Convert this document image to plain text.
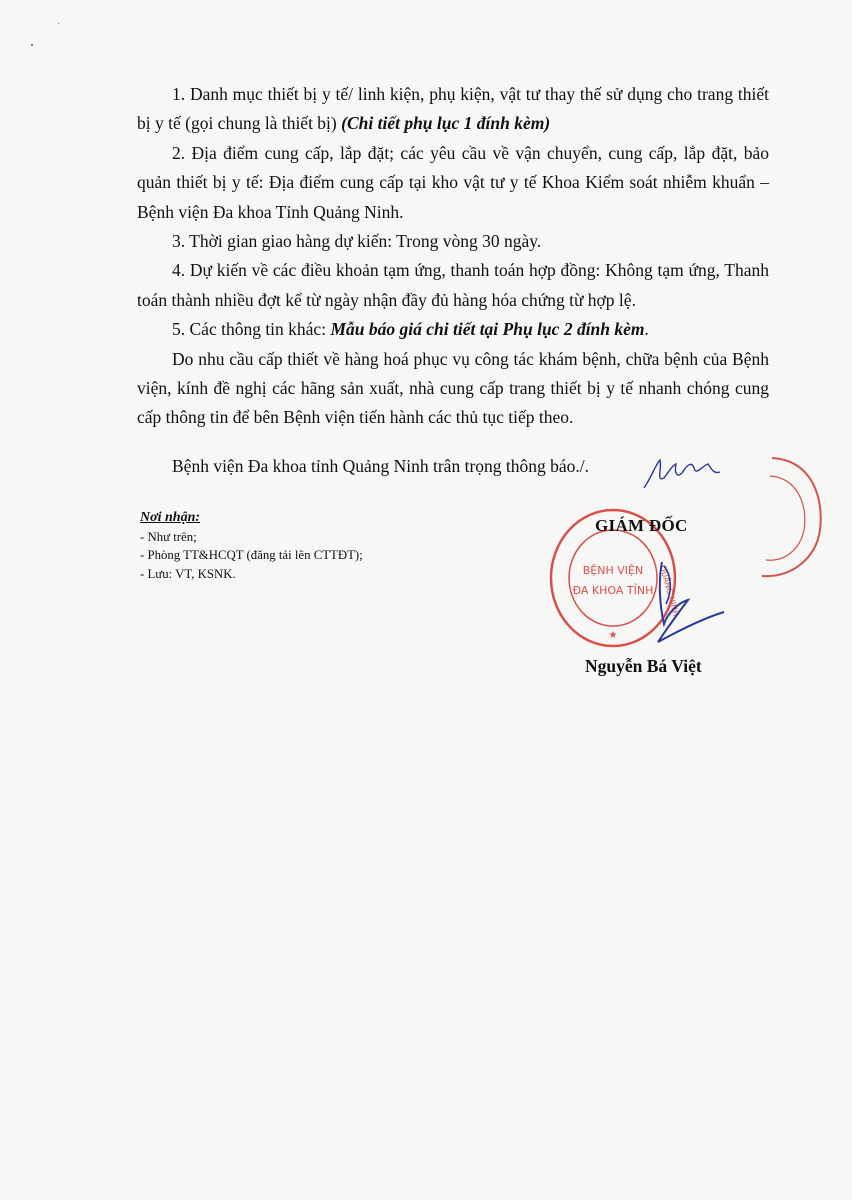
1. Danh mục thiết bị y tế/ linh kiện, phụ kiện, vật tư thay thế sử dụng cho trang thiết bị y tế (gọi chung là thiết bị) (Chi tiết phụ lục 1 đính kèm)

2. Địa điểm cung cấp, lắp đặt; các yêu cầu về vận chuyển, cung cấp, lắp đặt, bảo quản thiết bị y tế: Địa điểm cung cấp tại kho vật tư y tế Khoa Kiểm soát nhiễm khuẩn – Bệnh viện Đa khoa Tỉnh Quảng Ninh.

3. Thời gian giao hàng dự kiến: Trong vòng 30 ngày.

4. Dự kiến về các điều khoản tạm ứng, thanh toán hợp đồng: Không tạm ứng, Thanh toán thành nhiều đợt kể từ ngày nhận đầy đủ hàng hóa chứng từ hợp lệ.

5. Các thông tin khác: Mẫu báo giá chi tiết tại Phụ lục 2 đính kèm.

Do nhu cầu cấp thiết về hàng hoá phục vụ công tác khám bệnh, chữa bệnh của Bệnh viện, kính đề nghị các hãng sản xuất, nhà cung cấp trang thiết bị y tế nhanh chóng cung cấp thông tin để bên Bệnh viện tiến hành các thủ tục tiếp theo.

Bệnh viện Đa khoa tỉnh Quảng Ninh trân trọng thông báo./.
Nơi nhận:
- Như trên;
- Phòng TT&HCQT (đăng tải lên CTTĐT);
- Lưu: VT, KSNK.	BỆNH VIỆN
ĐA KHOA TỈNH
★
QUẢNG NINH
GIÁM ĐỐC
Nguyễn Bá Việt
